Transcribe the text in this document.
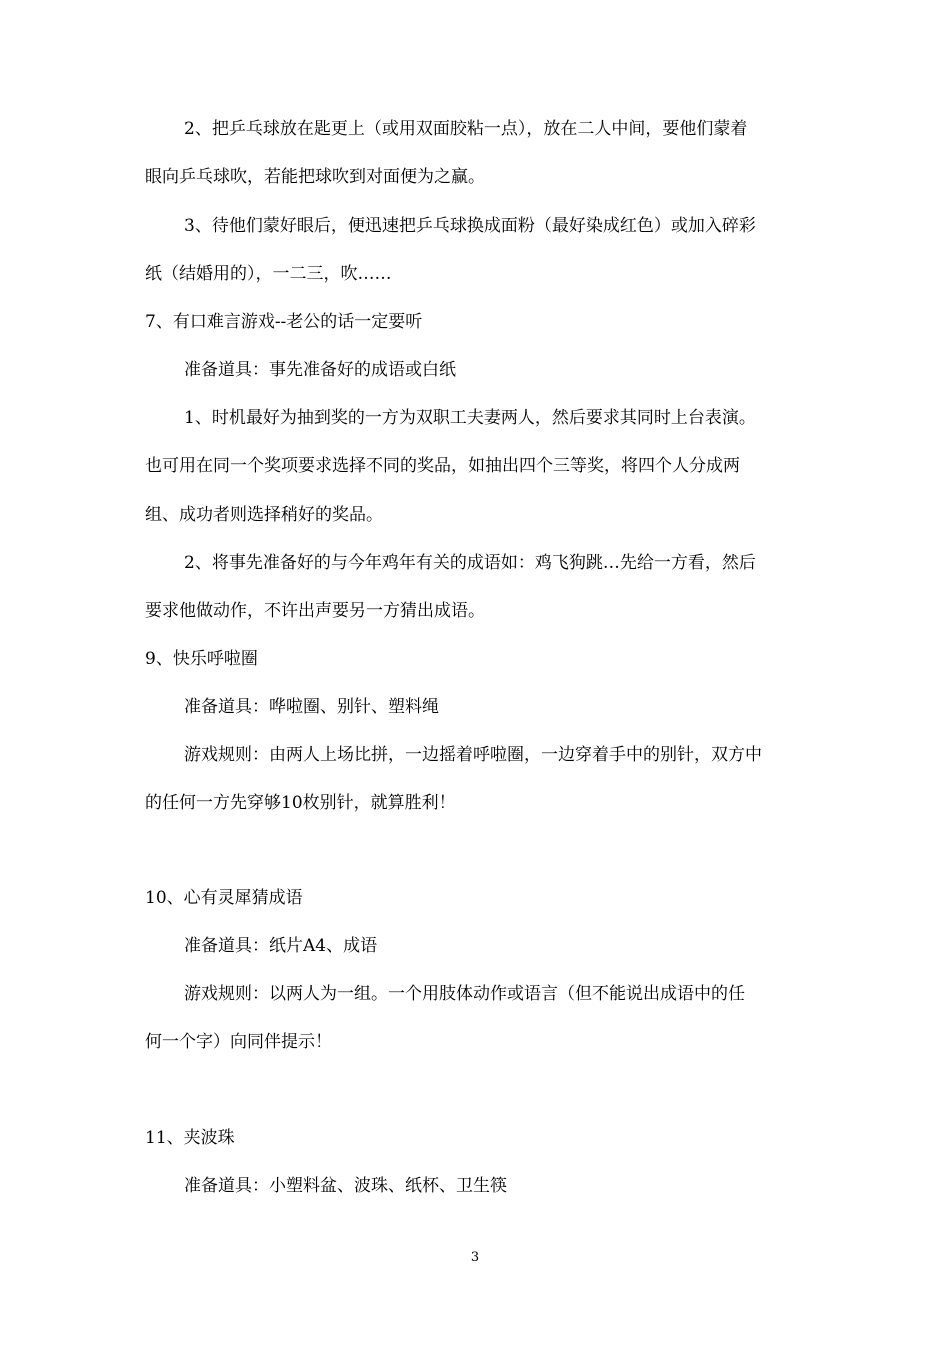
2、把乒乓球放在匙更上（或用双面胶粘一点），放在二人中间，要他们蒙着
眼向乒乓球吹，若能把球吹到对面便为之赢。
3、待他们蒙好眼后，便迅速把乒乓球换成面粉（最好染成红色）或加入碎彩
纸（结婚用的），一二三，吹……
7、有口难言游戏--老公的话一定要听
准备道具：事先准备好的成语或白纸
1、时机最好为抽到奖的一方为双职工夫妻两人，然后要求其同时上台表演。
也可用在同一个奖项要求选择不同的奖品，如抽出四个三等奖，将四个人分成两
组、成功者则选择稍好的奖品。
2、将事先准备好的与今年鸡年有关的成语如：鸡飞狗跳…先给一方看，然后
要求他做动作，不许出声要另一方猜出成语。
9、快乐呼啦圈
准备道具：哗啦圈、别针、塑料绳
游戏规则：由两人上场比拼，一边摇着呼啦圈，一边穿着手中的别针，双方中
的任何一方先穿够10枚别针，就算胜利！
10、心有灵犀猜成语
准备道具：纸片A4、成语
游戏规则：以两人为一组。一个用肢体动作或语言（但不能说出成语中的任
何一个字）向同伴提示！
11、夹波珠
准备道具：小塑料盆、波珠、纸杯、卫生筷
3
